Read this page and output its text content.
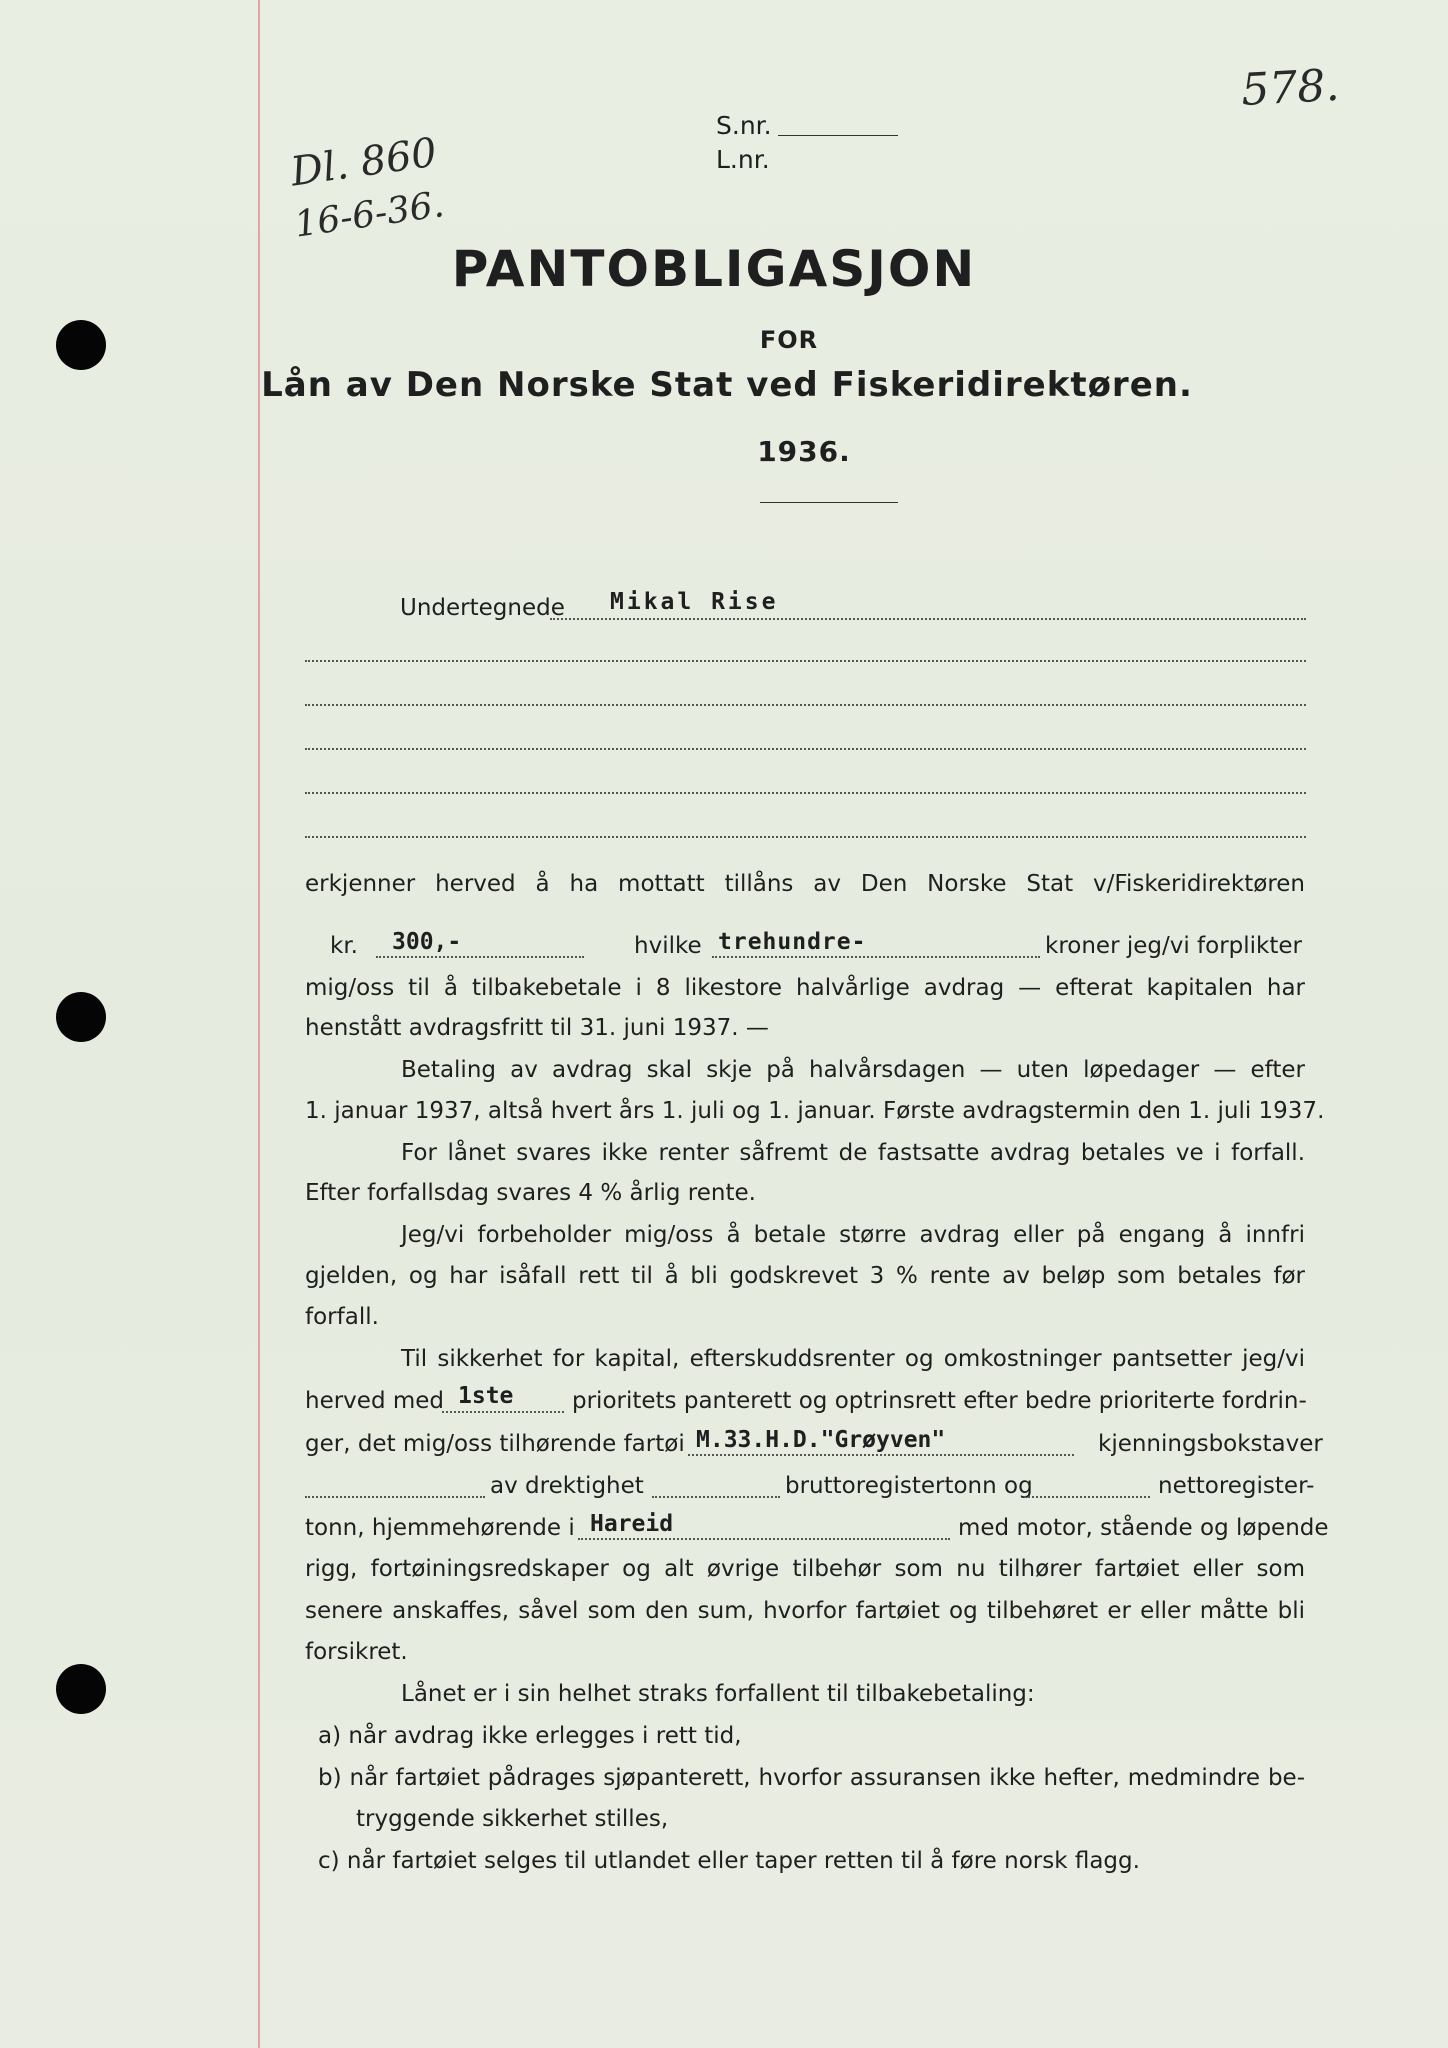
Dl. 860
16-6-36.
578.
S.nr.
L.nr.
PANTOBLIGASJON
FOR
Lån av Den Norske Stat ved Fiskeridirektøren.
1936.
Undertegnede Mikal Rise
erkjenner herved å ha mottatt tillåns av Den Norske Stat v/Fiskeridirektøren
kr. 300,-	hvilke trehundre-	kroner jeg/vi forplikter
mig/oss til å tilbakebetale i 8 likestore halvårlige avdrag — efterat kapitalen har
henstått avdragsfritt til 31. juni 1937. —
Betaling av avdrag skal skje på halvårsdagen — uten løpedager — efter
1. januar 1937, altså hvert års 1. juli og 1. januar. Første avdragstermin den 1. juli 1937.
For lånet svares ikke renter såfremt de fastsatte avdrag betales ve i forfall.
Efter forfallsdag svares 4 % årlig rente.
Jeg/vi forbeholder mig/oss å betale større avdrag eller på engang å innfri
gjelden, og har isåfall rett til å bli godskrevet 3 % rente av beløp som betales før
forfall.
Til sikkerhet for kapital, efterskuddsrenter og omkostninger pantsetter jeg/vi
herved med 1ste	prioritets panterett og optrinsrett efter bedre prioriterte fordrin-
ger, det mig/oss tilhørende fartøi M.33.H.D."Grøyven"	kjenningsbokstaver
av drektighet	bruttoregistertonn og	nettoregister-
tonn, hjemmehørende i Hareid	med motor, stående og løpende
rigg, fortøiningsredskaper og alt øvrige tilbehør som nu tilhører fartøiet eller som
senere anskaffes, såvel som den sum, hvorfor fartøiet og tilbehøret er eller måtte bli
forsikret.
Lånet er i sin helhet straks forfallent til tilbakebetaling:
a) når avdrag ikke erlegges i rett tid,
b) når fartøiet pådrages sjøpanterett, hvorfor assuransen ikke hefter, medmindre be-
tryggende sikkerhet stilles,
c) når fartøiet selges til utlandet eller taper retten til å føre norsk flagg.
